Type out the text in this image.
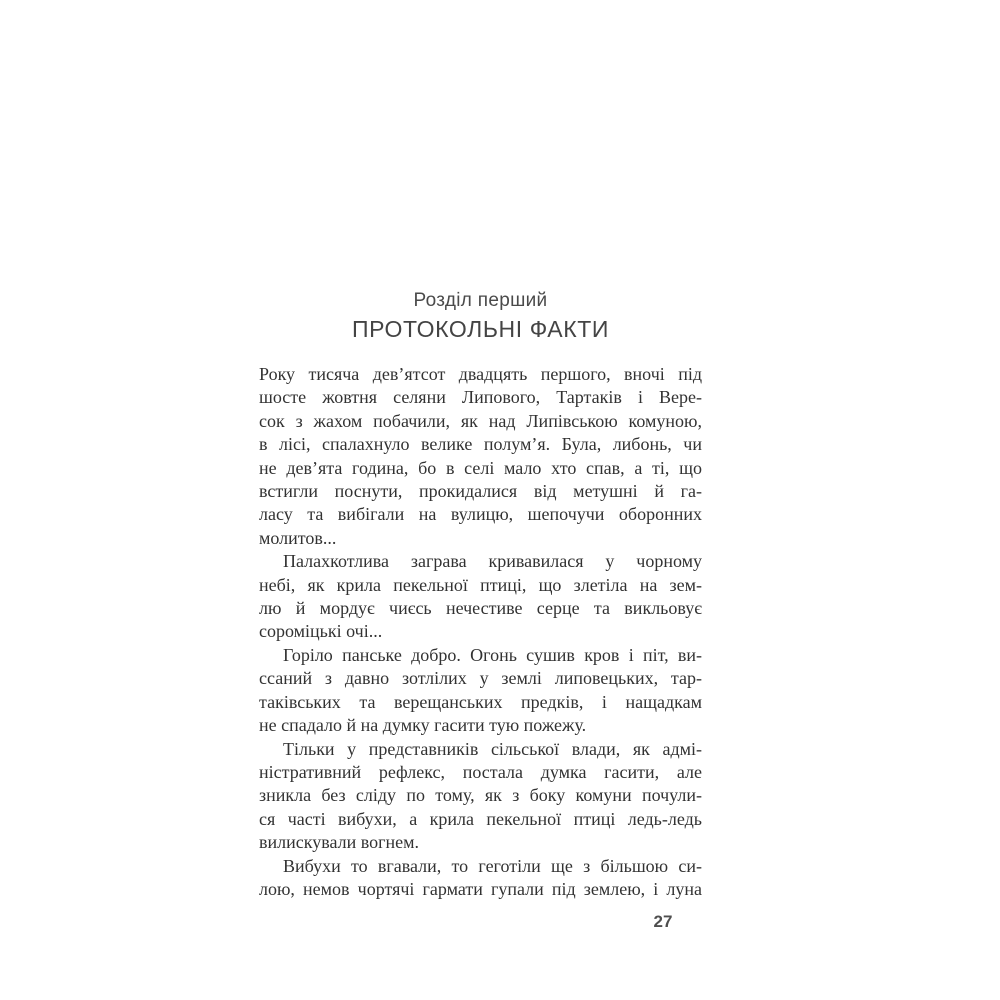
Розділ перший
ПРОТОКОЛЬНІ ФАКТИ
Року тисяча дев’ятсот двадцять першого, вночі під
шосте жовтня селяни Липового, Тартаків і Вере-
сок з жахом побачили, як над Липівською комуною,
в лісі, спалахнуло велике полум’я. Була, либонь, чи
не дев’ята година, бо в селі мало хто спав, а ті, що
встигли поснути, прокидалися від метушні й га-
ласу та вибігали на вулицю, шепочучи оборонних
молитов...
Палахкотлива заграва кривавилася у чорному
небі, як крила пекельної птиці, що злетіла на зем-
лю й мордує чиєсь нечестиве серце та викльовує
сороміцькі очі...
Горіло панське добро. Огонь сушив кров і піт, ви-
ссаний з давно зотлілих у землі липовецьких, тар-
таківських та верещанських предків, і нащадкам
не спадало й на думку гасити тую пожежу.
Тільки у представників сільської влади, як адмі-
ністративний рефлекс, постала думка гасити, але
зникла без сліду по тому, як з боку комуни почули-
ся часті вибухи, а крила пекельної птиці ледь-ледь
вилискували вогнем.
Вибухи то вгавали, то геготіли ще з більшою си-
лою, немов чортячі гармати гупали під землею, і луна
27
